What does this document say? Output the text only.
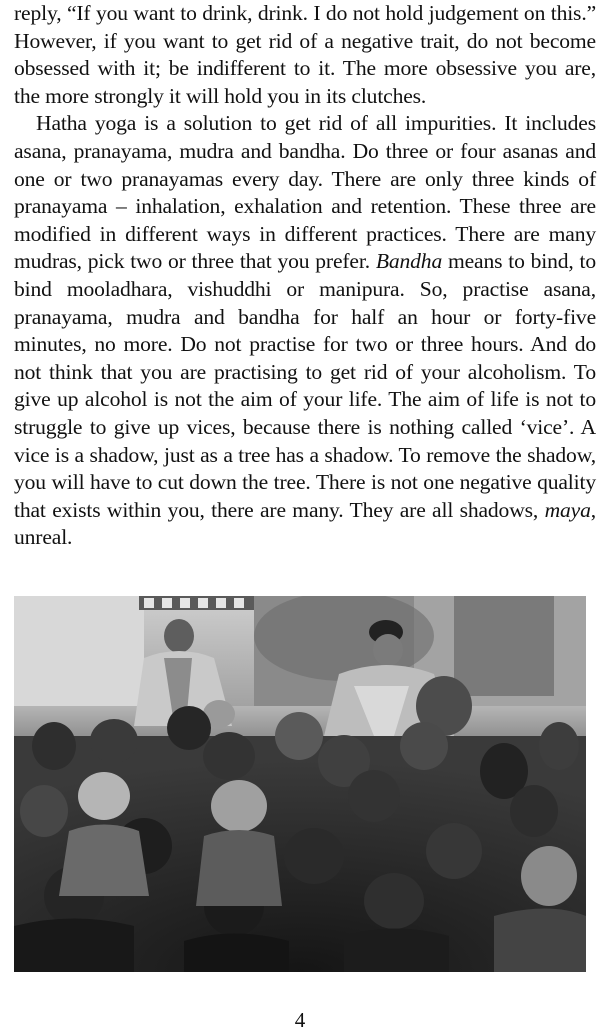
reply, “If you want to drink, drink. I do not hold judgement on this.” However, if you want to get rid of a negative trait, do not become obsessed with it; be indifferent to it. The more obsessive you are, the more strongly it will hold you in its clutches.

Hatha yoga is a solution to get rid of all impurities. It includes asana, pranayama, mudra and bandha. Do three or four asanas and one or two pranayamas every day. There are only three kinds of pranayama – inhalation, exhalation and retention. These three are modified in different ways in different practices. There are many mudras, pick two or three that you prefer. Bandha means to bind, to bind mooladhara, vishuddhi or manipura. So, practise asana, pranayama, mudra and bandha for half an hour or forty-five minutes, no more. Do not practise for two or three hours. And do not think that you are practising to get rid of your alcoholism. To give up alcohol is not the aim of your life. The aim of life is not to struggle to give up vices, because there is nothing called ‘vice’. A vice is a shadow, just as a tree has a shadow. To remove the shadow, you will have to cut down the tree. There is not one negative quality that exists within you, there are many. They are all shadows, maya, unreal.

4
